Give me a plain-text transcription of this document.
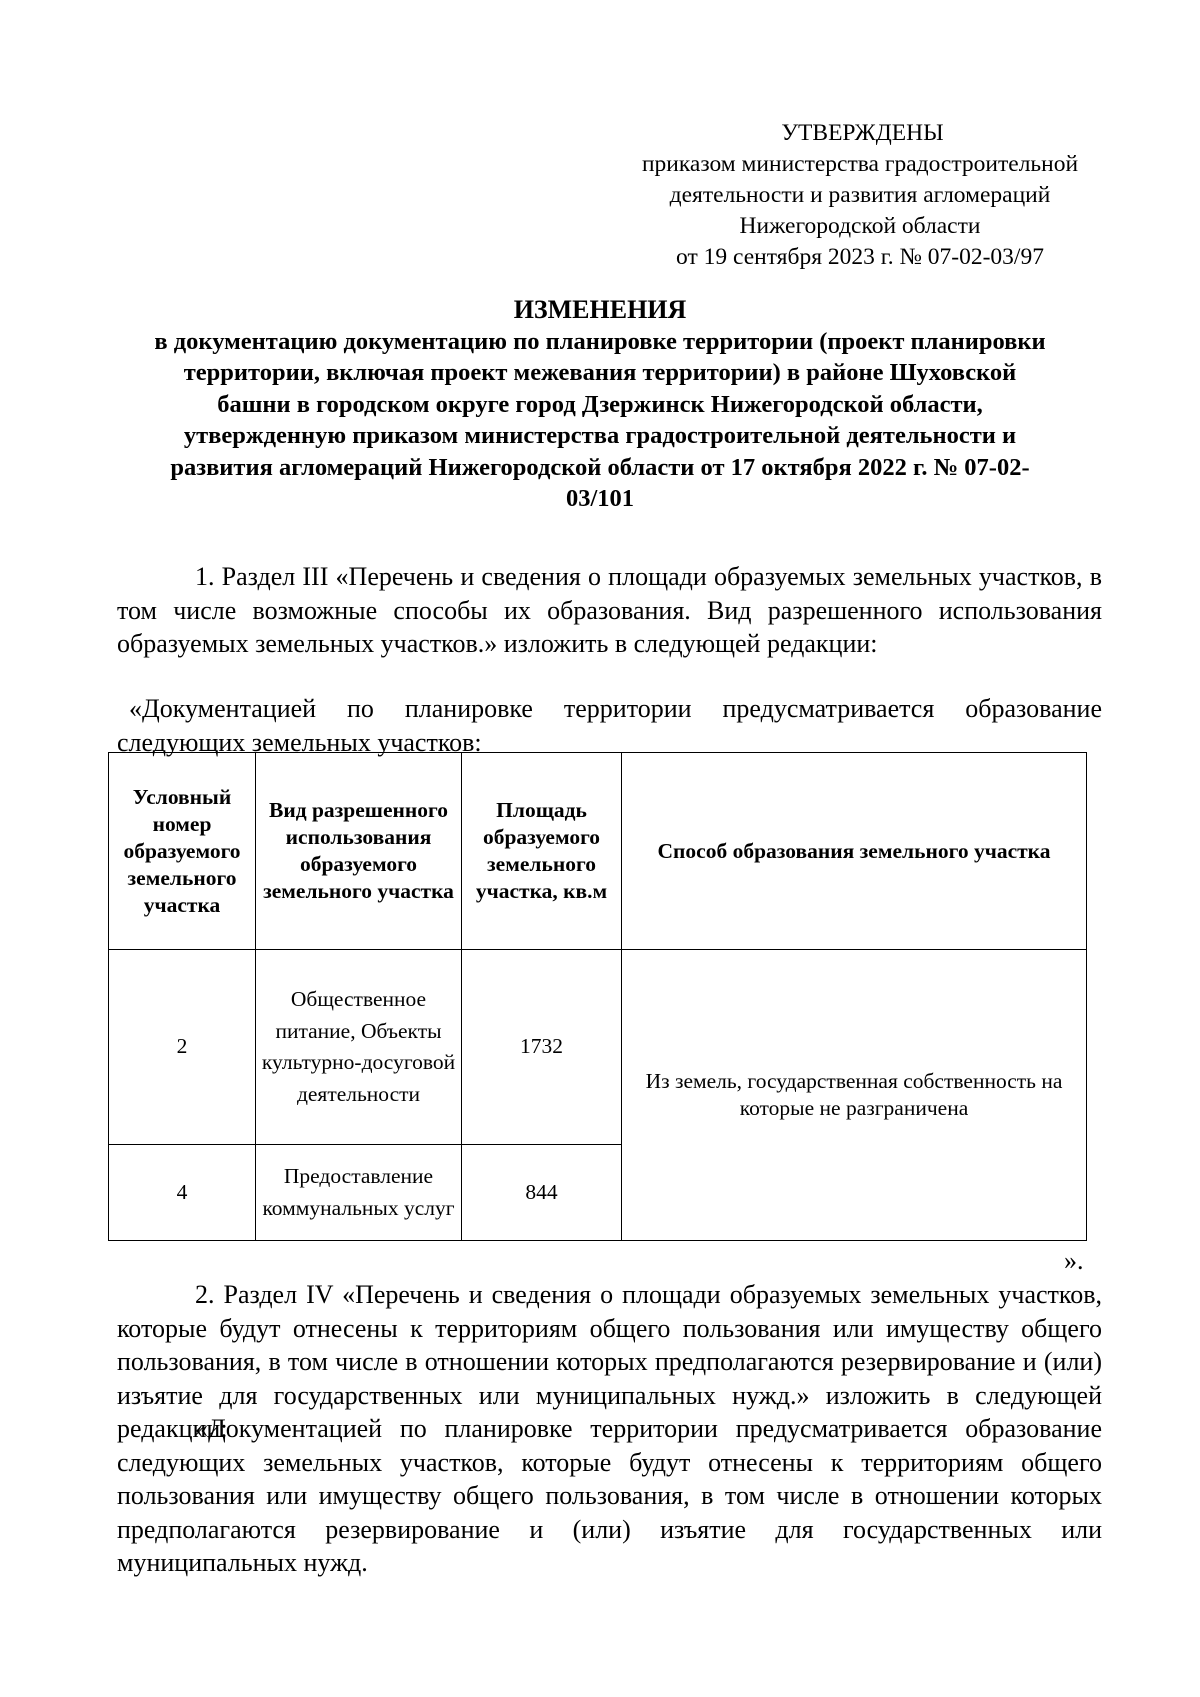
УТВЕРЖДЕНЫ
приказом министерства градостроительной
деятельности и развития агломераций
Нижегородской области
от 19 сентября 2023 г. № 07-02-03/97
ИЗМЕНЕНИЯ
в документацию документацию по планировке территории (проект планировки территории, включая проект межевания территории) в районе Шуховской башни в городском округе город Дзержинск Нижегородской области, утвержденную приказом министерства градостроительной деятельности и развития агломераций Нижегородской области от 17 октября 2022 г. № 07-02-03/101
1. Раздел III «Перечень и сведения о площади образуемых земельных участков, в том числе возможные способы их образования. Вид разрешенного использования образуемых земельных участков.» изложить в следующей редакции:
«Документацией по планировке территории предусматривается образование следующих земельных участков:
Условный номер образуемого земельного участка	Вид разрешенного использования образуемого земельного участка	Площадь образуемого земельного участка, кв.м	Способ образования земельного участка
2	Общественное питание, Объекты культурно-досуговой деятельности	1732	Из земель, государственная собственность на которые не разграничена
4	Предоставление коммунальных услуг	844	
».
2. Раздел IV «Перечень и сведения о площади образуемых земельных участков, которые будут отнесены к территориям общего пользования или имуществу общего пользования, в том числе в отношении которых предполагаются резервирование и (или) изъятие для государственных или муниципальных нужд.» изложить в следующей редакции:
«Документацией по планировке территории предусматривается образование следующих земельных участков, которые будут отнесены к территориям общего пользования или имуществу общего пользования, в том числе в отношении которых предполагаются резервирование и (или) изъятие для государственных или муниципальных нужд.
